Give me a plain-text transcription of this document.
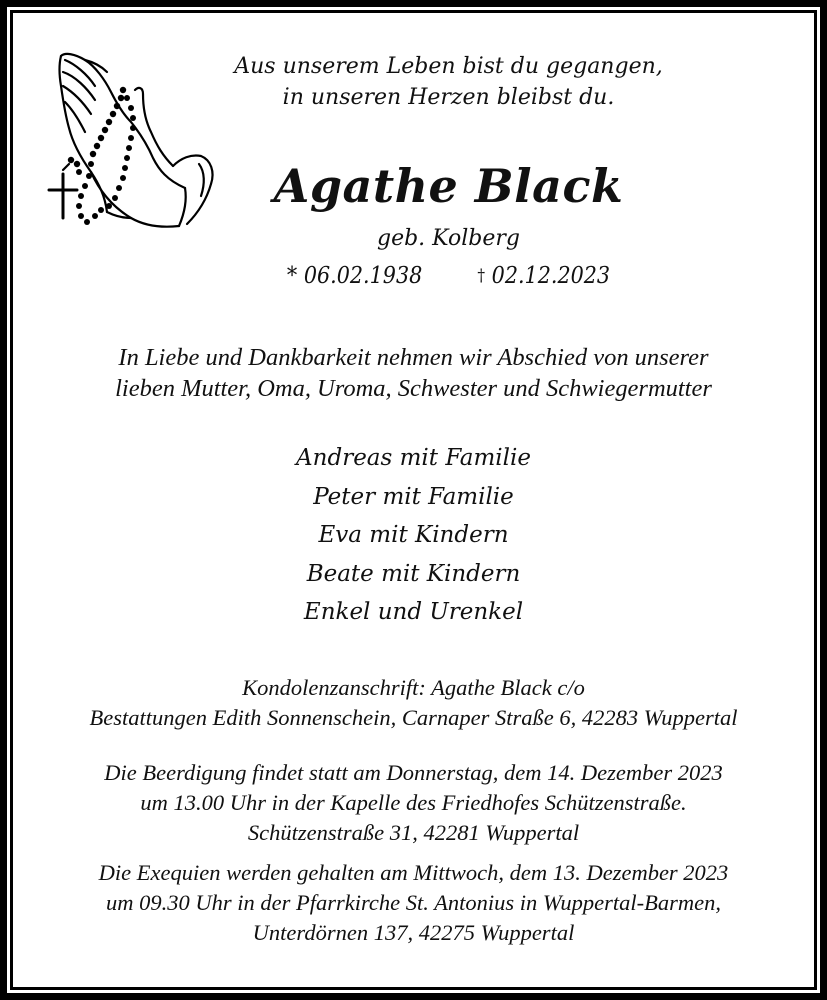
Aus unserem Leben bist du gegangen,
in unseren Herzen bleibst du.
Agathe Black
geb. Kolberg
* 06.02.1938	† 02.12.2023
In Liebe und Dankbarkeit nehmen wir Abschied von unserer
lieben Mutter, Oma, Uroma, Schwester und Schwiegermutter
Andreas mit Familie
Peter mit Familie
Eva mit Kindern
Beate mit Kindern
Enkel und Urenkel
Kondolenzanschrift: Agathe Black c/o
Bestattungen Edith Sonnenschein, Carnaper Straße 6, 42283 Wuppertal
Die Beerdigung findet statt am Donnerstag, dem 14. Dezember 2023
um 13.00 Uhr in der Kapelle des Friedhofes Schützenstraße.
Schützenstraße 31, 42281 Wuppertal
Die Exequien werden gehalten am Mittwoch, dem 13. Dezember 2023
um 09.30 Uhr in der Pfarrkirche St. Antonius in Wuppertal-Barmen,
Unterdörnen 137, 42275 Wuppertal
